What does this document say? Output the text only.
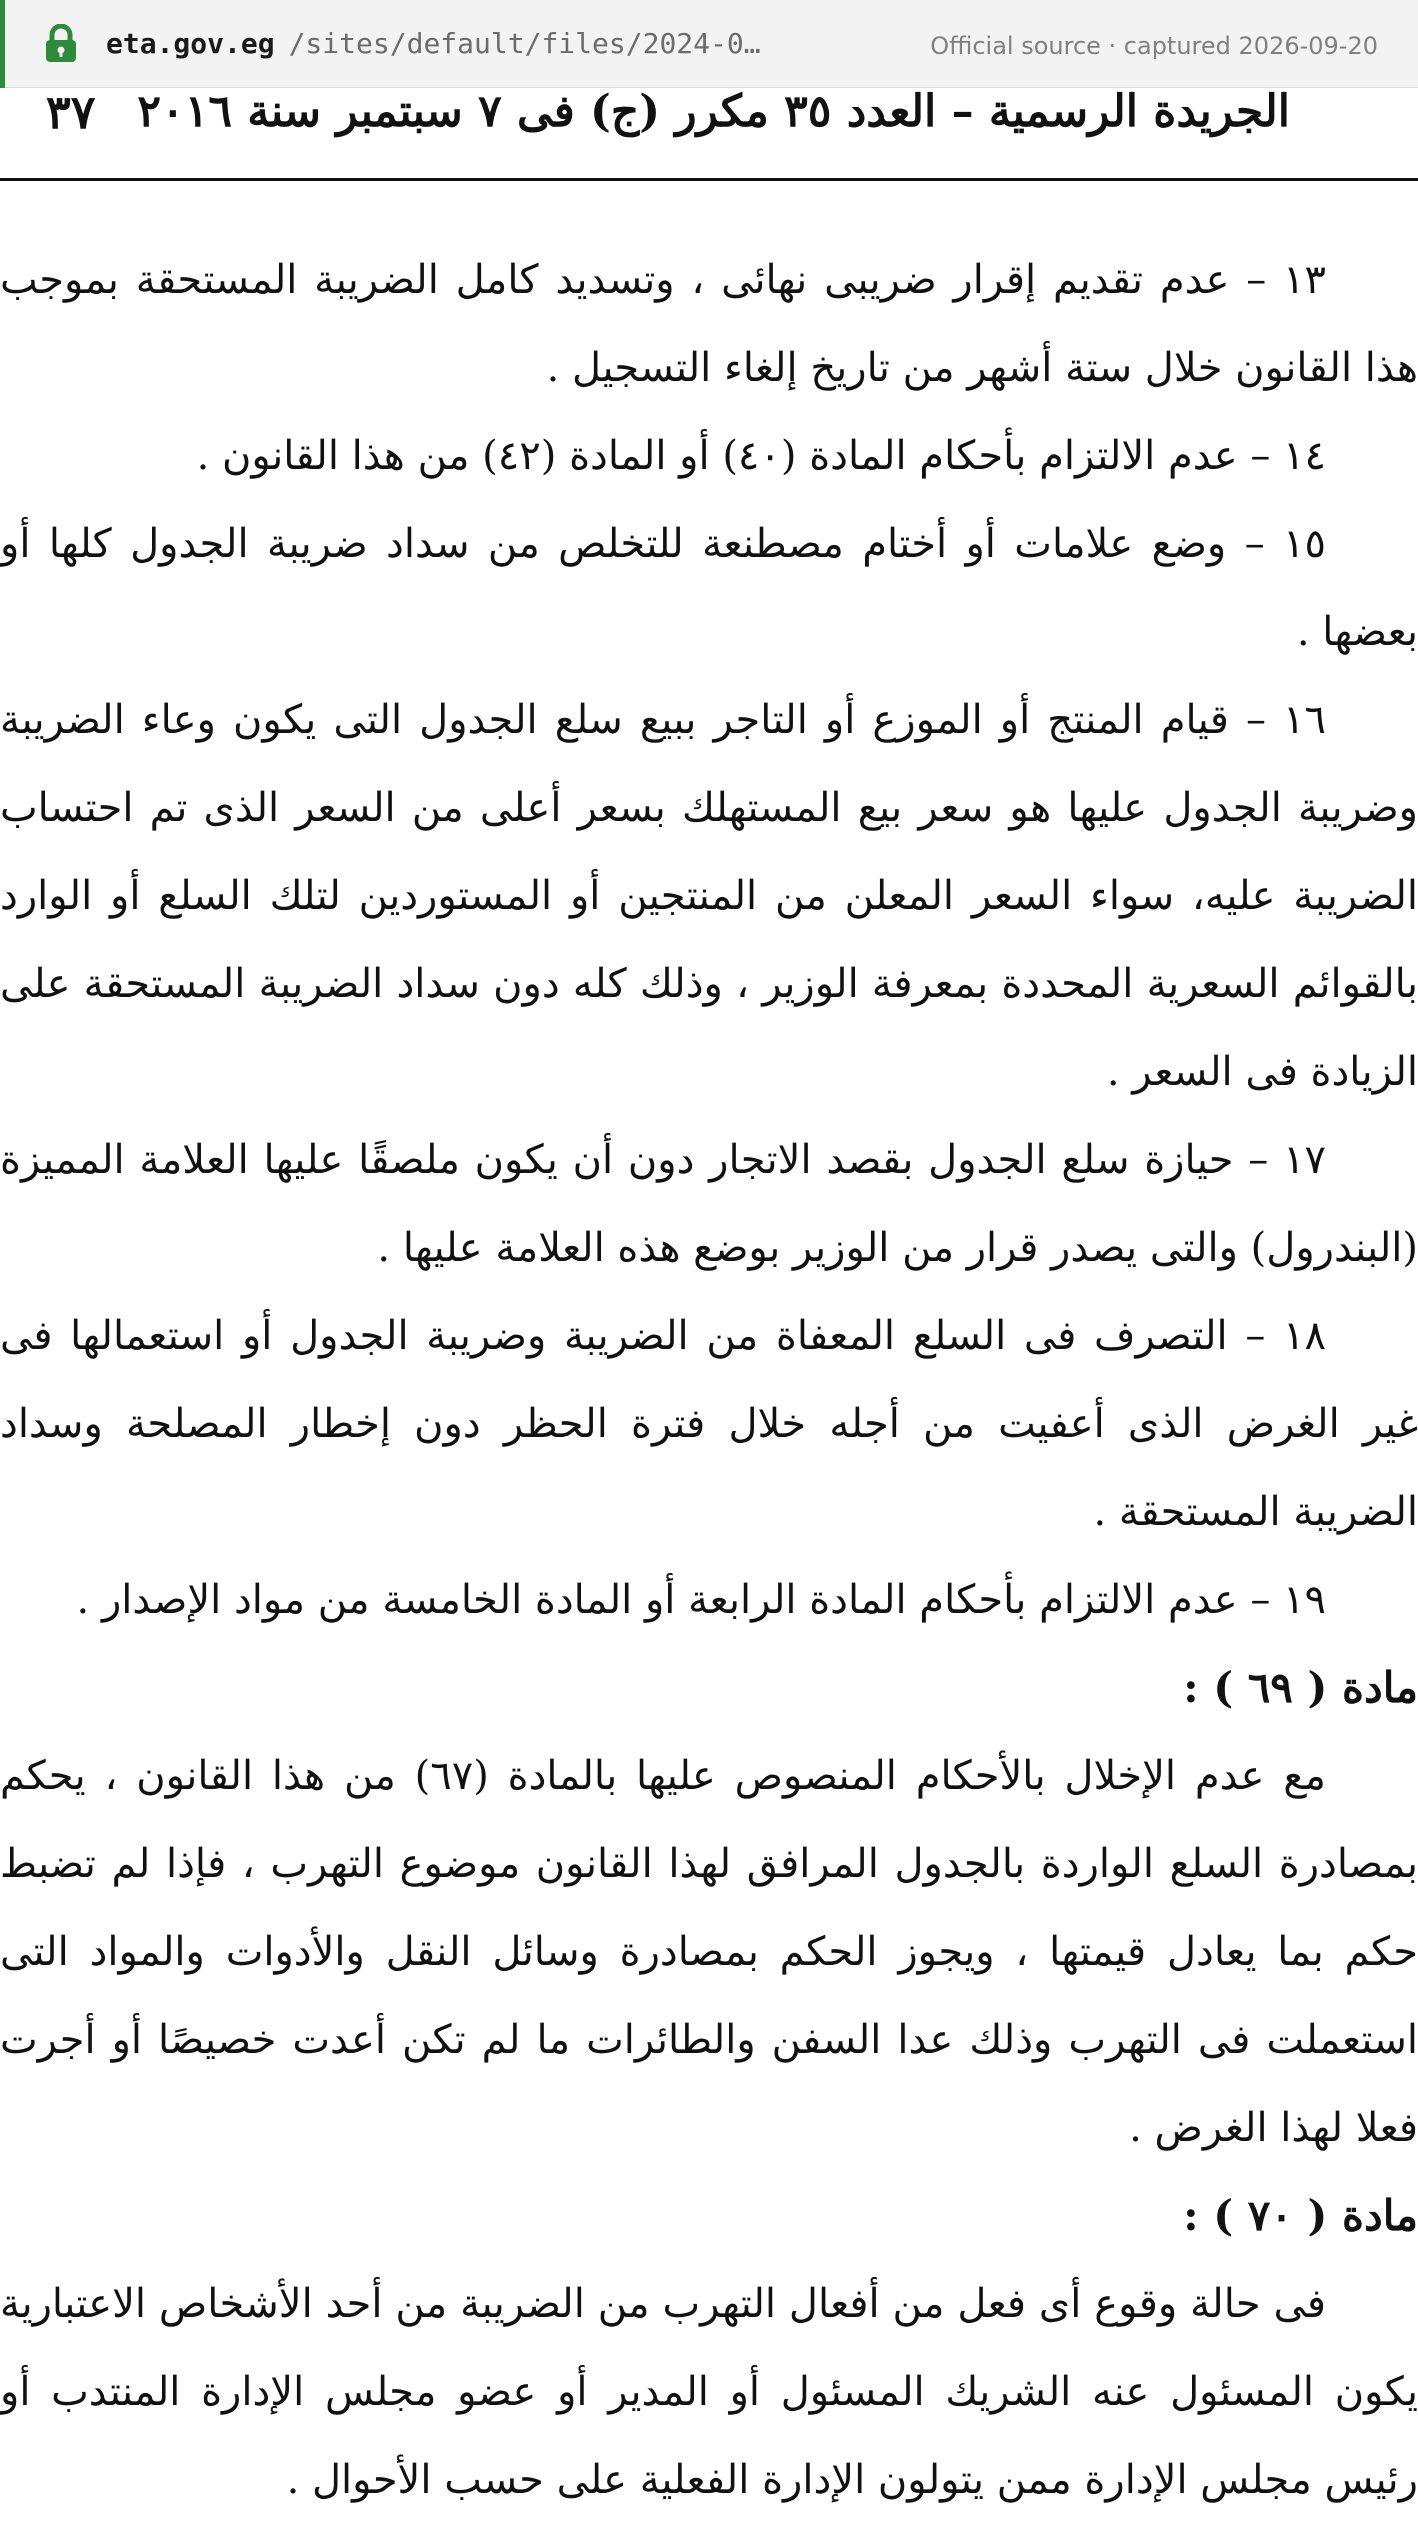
eta.gov.eg /sites/default/files/2024-0…	Official source · captured 2026-09-20
الجريدة الرسمية – العدد ٣٥ مكرر (ج) فى ٧ سبتمبر سنة ٢٠١٦
٣٧

١٣ – عدم تقديم إقرار ضريبى نهائى ، وتسديد كامل الضريبة المستحقة بموجب هذا القانون خلال ستة أشهر من تاريخ إلغاء التسجيل .

١٤ – عدم الالتزام بأحكام المادة (٤٠) أو المادة (٤٢) من هذا القانون .

١٥ – وضع علامات أو أختام مصطنعة للتخلص من سداد ضريبة الجدول كلها أو بعضها .

١٦ – قيام المنتج أو الموزع أو التاجر ببيع سلع الجدول التى يكون وعاء الضريبة وضريبة الجدول عليها هو سعر بيع المستهلك بسعر أعلى من السعر الذى تم احتساب الضريبة عليه، سواء السعر المعلن من المنتجين أو المستوردين لتلك السلع أو الوارد بالقوائم السعرية المحددة بمعرفة الوزير ، وذلك كله دون سداد الضريبة المستحقة على الزيادة فى السعر .

١٧ – حيازة سلع الجدول بقصد الاتجار دون أن يكون ملصقًا عليها العلامة المميزة (البندرول) والتى يصدر قرار من الوزير بوضع هذه العلامة عليها .

١٨ – التصرف فى السلع المعفاة من الضريبة وضريبة الجدول أو استعمالها فى غير الغرض الذى أعفيت من أجله خلال فترة الحظر دون إخطار المصلحة وسداد الضريبة المستحقة .

١٩ – عدم الالتزام بأحكام المادة الرابعة أو المادة الخامسة من مواد الإصدار .

مادة ( ٦٩ ) :

مع عدم الإخلال بالأحكام المنصوص عليها بالمادة (٦٧) من هذا القانون ، يحكم بمصادرة السلع الواردة بالجدول المرافق لهذا القانون موضوع التهرب ، فإذا لم تضبط حكم بما يعادل قيمتها ، ويجوز الحكم بمصادرة وسائل النقل والأدوات والمواد التى استعملت فى التهرب وذلك عدا السفن والطائرات ما لم تكن أعدت خصيصًا أو أجرت فعلا لهذا الغرض .

مادة ( ٧٠ ) :

فى حالة وقوع أى فعل من أفعال التهرب من الضريبة من أحد الأشخاص الاعتبارية يكون المسئول عنه الشريك المسئول أو المدير أو عضو مجلس الإدارة المنتدب أو رئيس مجلس الإدارة ممن يتولون الإدارة الفعلية على حسب الأحوال .
